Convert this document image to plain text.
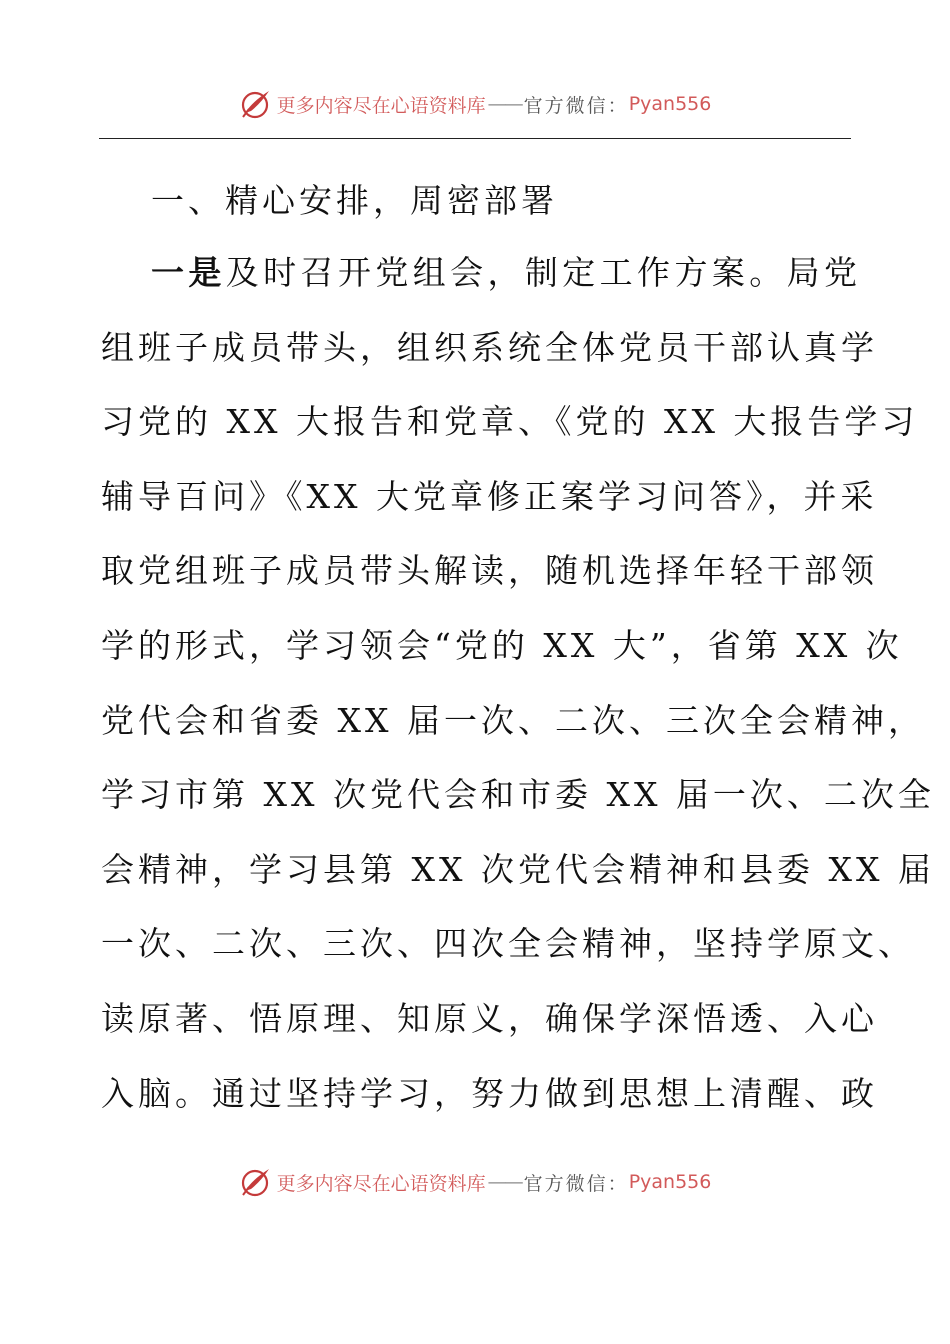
更多内容尽在心语资料库 —— 官方微信： Pyan556
一、精心安排，周密部署
一是及时召开党组会，制定工作方案。局党
组班子成员带头，组织系统全体党员干部认真学
习党的 XX 大报告和党章、《党的 XX 大报告学习
辅导百问》《XX 大党章修正案学习问答》，并采
取党组班子成员带头解读，随机选择年轻干部领
学的形式，学习领会“党的 XX 大”，省第 XX 次
党代会和省委 XX 届一次、二次、三次全会精神，
学习市第 XX 次党代会和市委 XX 届一次、二次全
会精神，学习县第 XX 次党代会精神和县委 XX 届
一次、二次、三次、四次全会精神，坚持学原文、
读原著、悟原理、知原义，确保学深悟透、入心
入脑。通过坚持学习，努力做到思想上清醒、政
更多内容尽在心语资料库 —— 官方微信： Pyan556
